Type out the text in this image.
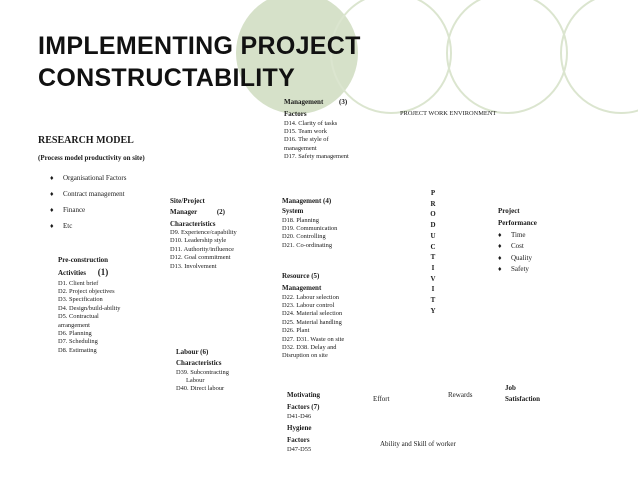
IMPLEMENTING PROJECT
CONSTRUCTABILITY
RESEARCH MODEL
(Process model productivity on site)
♦ Organisational Factors
♦ Contract management
♦ Finance
♦ Etc
Pre-construction
Activities (1)
D1. Client brief
D2. Project objectives
D3. Specification
D4. Design/build-ability
D5. Contractual arrangement
D6. Planning
D7. Scheduling
D8. Estimating
Site/Project
Manager	(2)
Characteristics
D9. Experience/capability
D10. Leadership style
D11. Authority/influence
D12. Goal commitment
D13. Involvement
Management (3)
Factors
D14. Clarity of tasks
D15. Team work
D16. The style of management
D17. Safety management
Management (4)
System
D18. Planning
D19. Communication
D20. Controlling
D21. Co-ordinating
Resource (5)
Management
D22. Labour selection
D23. Labour control
D24. Material selection
D25. Material handling
D26. Plant
D27. D31. Waste on site
D32. D38. Delay and
Disruption on site
Labour (6)
Characteristics
D39. Subcontracting
Labour
D40. Direct labour
Motivating
Factors (7)
D41-D46
Hygiene
Factors
D47-D55
PROJECT WORK ENVIRONMENT
P
R
O
D
U
C
T
I
V
I
T
Y
Project
Performance
♦ Time
♦ Cost
♦ Quality
♦ Safety
Effort	Rewards
Job
Satisfaction
Ability and Skill of worker
